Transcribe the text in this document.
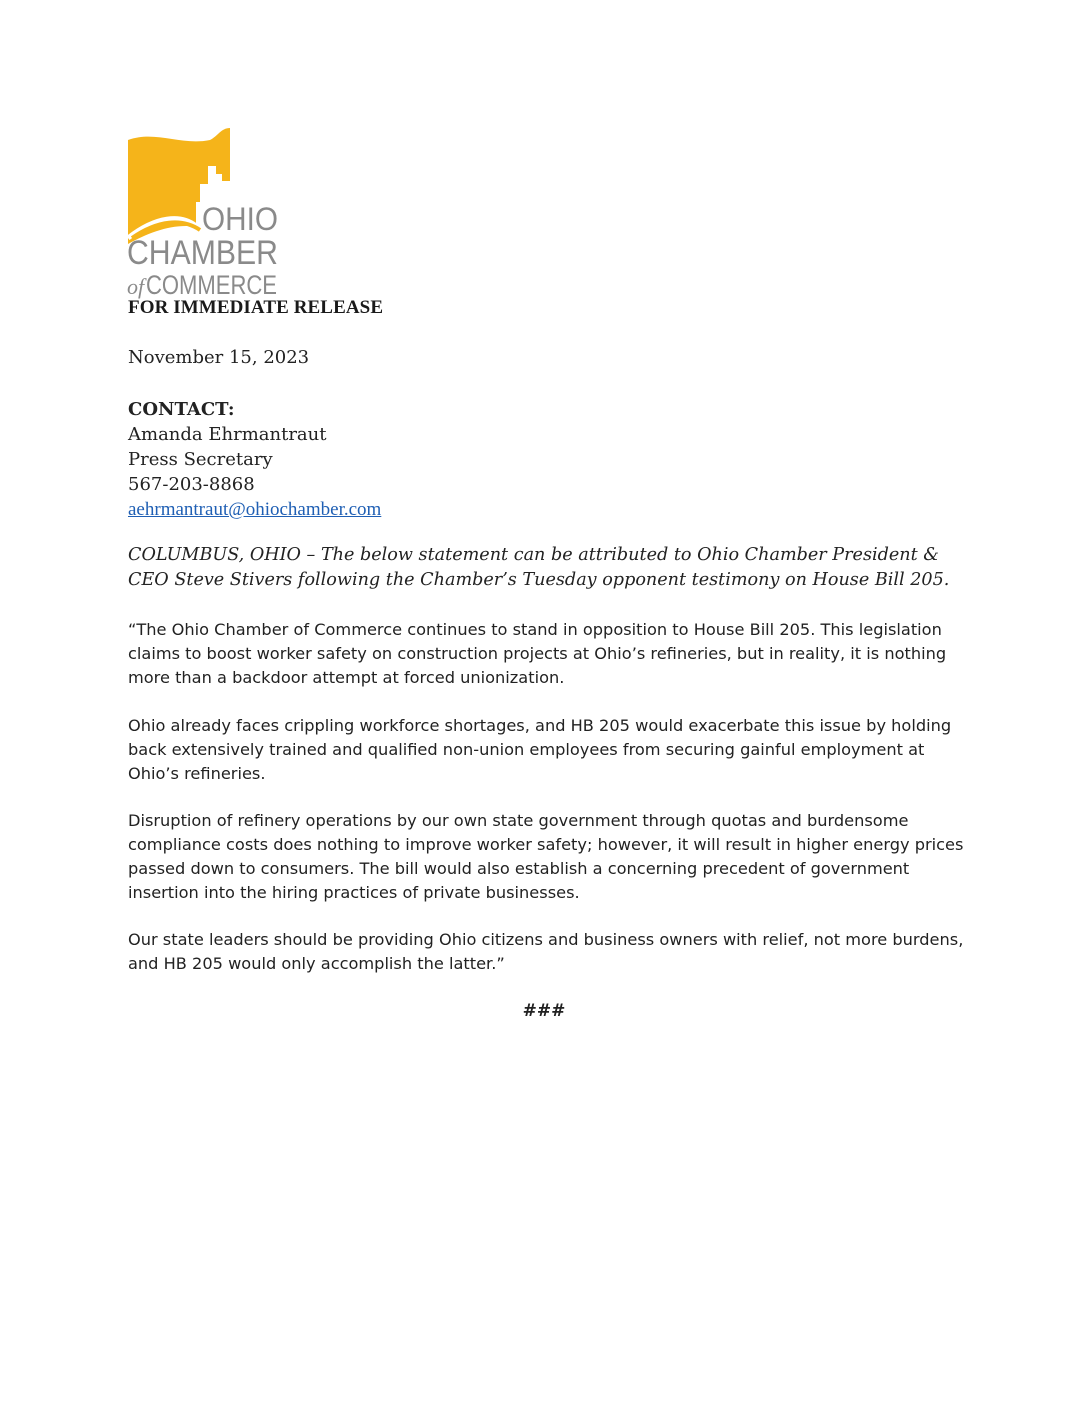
OHIO
CHAMBER
of COMMERCE
FOR IMMEDIATE RELEASE
November 15, 2023
CONTACT:
Amanda Ehrmantraut
Press Secretary
567-203-8868
aehrmantraut@ohiochamber.com
COLUMBUS, OHIO – The below statement can be attributed to Ohio Chamber President & CEO Steve Stivers following the Chamber’s Tuesday opponent testimony on House Bill 205.
“The Ohio Chamber of Commerce continues to stand in opposition to House Bill 205. This legislation claims to boost worker safety on construction projects at Ohio’s refineries, but in reality, it is nothing more than a backdoor attempt at forced unionization.
Ohio already faces crippling workforce shortages, and HB 205 would exacerbate this issue by holding back extensively trained and qualified non-union employees from securing gainful employment at Ohio’s refineries.
Disruption of refinery operations by our own state government through quotas and burdensome compliance costs does nothing to improve worker safety; however, it will result in higher energy prices passed down to consumers. The bill would also establish a concerning precedent of government insertion into the hiring practices of private businesses.
Our state leaders should be providing Ohio citizens and business owners with relief, not more burdens, and HB 205 would only accomplish the latter.”
###
